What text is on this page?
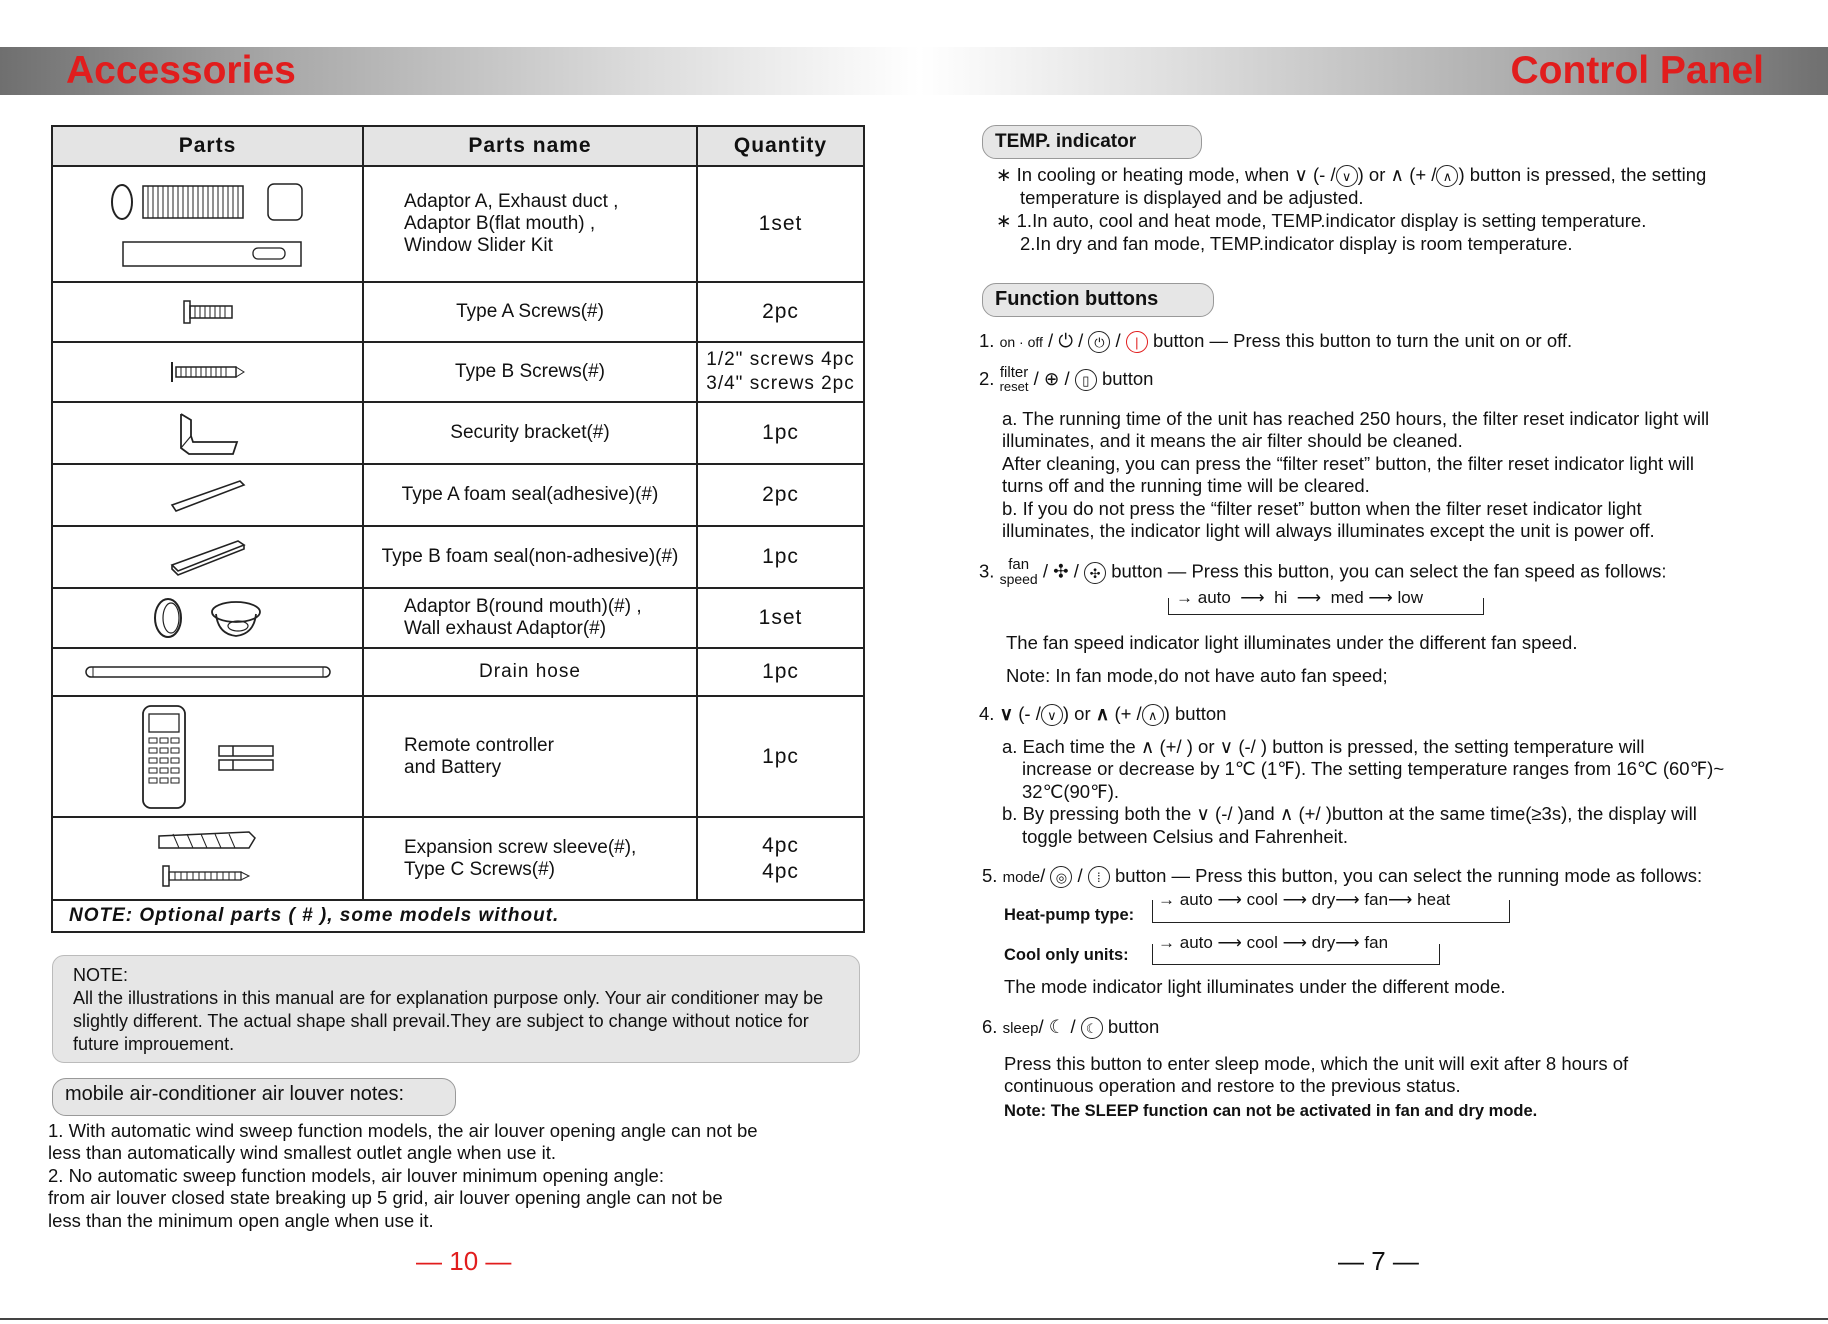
Accessories	Control Panel
Parts	Parts name	Quantity

	Adaptor A, Exhaust duct ,
Adaptor B(flat mouth) ,
Window Slider Kit	1set

	Type A Screws(#)	2pc

	Type B Screws(#)	1/2" screws 4pc
3/4" screws 2pc

	Security bracket(#)	1pc

	Type A foam seal(adhesive)(#)	2pc

	Type B foam seal(non-adhesive)(#)	1pc

	Adaptor B(round mouth)(#) ,
Wall exhaust Adaptor(#)	1set

	Drain hose	1pc

	Remote controller
and Battery	1pc

	Expansion screw sleeve(#),
Type C Screws(#)	4pc
4pc
NOTE: Optional parts ( # ), some models without.		

NOTE:
All the illustrations in this manual are for explanation purpose only. Your air conditioner may be slightly different. The actual shape shall prevail.They are subject to change without notice for future improuement.

mobile air-conditioner air louver notes:
1. With automatic wind sweep function models, the air louver opening angle can not be
less than automatically wind smallest outlet angle when use it.
2. No automatic sweep function models, air louver minimum opening angle:
from air louver closed state breaking up 5 grid, air louver opening angle can not be
less than the minimum open angle when use it.
— 10 —	— 7 —
TEMP. indicator
∗ In cooling or heating mode, when ∨ (- / ∨ ) or ∧ (+ / ∧ ) button is pressed, the setting
temperature is displayed and be adjusted.
∗ 1.In auto, cool and heat mode, TEMP.indicator display is setting temperature.
2.In dry and fan mode, TEMP.indicator display is room temperature.
Function buttons
1. on · off / ⏻ / ⏻ / | button — Press this button to turn the unit on or off.
2. filter
reset / ⊕ / ▯ button
a. The running time of the unit has reached 250 hours, the filter reset indicator light will
illuminates, and it means the air filter should be cleaned.
After cleaning, you can press the “filter reset” button, the filter reset indicator light will
turns off and the running time will be cleared.
b. If you do not press the “filter reset” button when the filter reset indicator light
illuminates, the indicator light will always illuminates except the unit is power off.
3. fan
speed / ✣ / ✣ button — Press this button, you can select the fan speed as follows:
→ auto  ⟶  hi  ⟶  med ⟶ low
The fan speed indicator light illuminates under the different fan speed.
Note: In fan mode,do not have auto fan speed;
4. ∨ (- / ∨ ) or ∧ (+ / ∧ ) button
a. Each time the ∧ (+/ ) or ∨ (-/ ) button is pressed, the setting temperature will
increase or decrease by 1℃ (1℉). The setting temperature ranges from 16℃ (60℉)~
32℃(90℉).
b. By pressing both the ∨ (-/ )and ∧ (+/ )button at the same time(≥3s), the display will
toggle between Celsius and Fahrenheit.
5. mode/ ◎ / ⁞ button — Press this button, you can select the running mode as follows:
Heat-pump type:
→ auto ⟶ cool ⟶ dry⟶ fan⟶ heat
Cool only units:
→ auto ⟶ cool ⟶ dry⟶ fan
The mode indicator light illuminates under the different mode.
6. sleep/ ☾ / ☾ button
Press this button to enter sleep mode, which the unit will exit after 8 hours of
continuous operation and restore to the previous status.
Note: The SLEEP function can not be activated in fan and dry mode.
